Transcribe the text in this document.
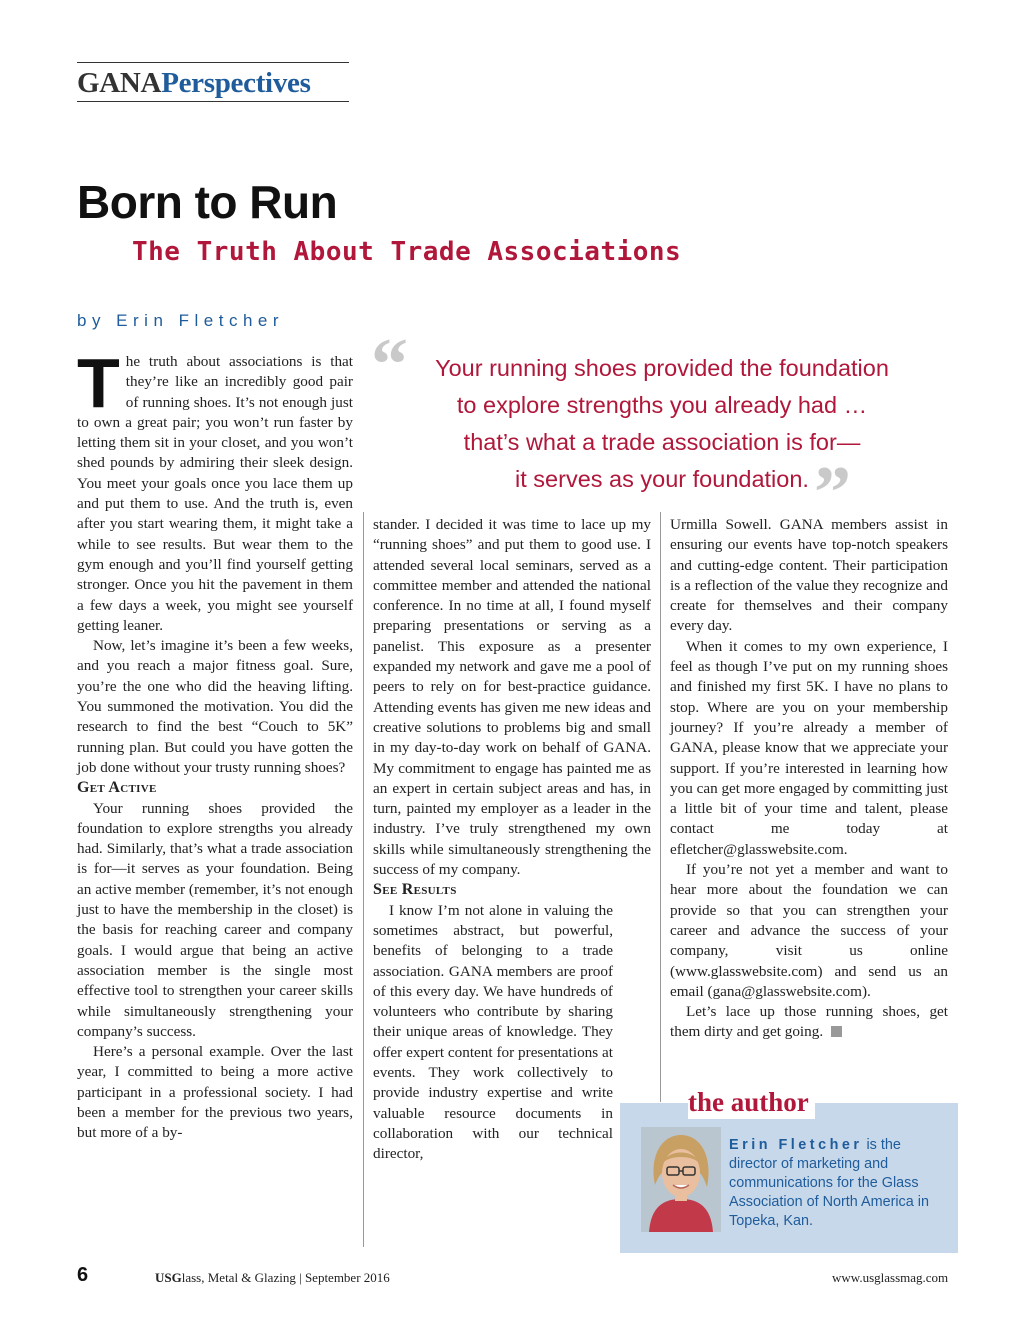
GANAPerspectives
Born to Run
The Truth About Trade Associations
by Erin Fletcher

The truth about associations is that they’re like an incredibly good pair of running shoes. It’s not enough just to own a great pair; you won’t run faster by letting them sit in your closet, and you won’t shed pounds by admiring their sleek design. You meet your goals once you lace them up and put them to use. And the truth is, even after you start wearing them, it might take a while to see results. But wear them to the gym enough and you’ll find yourself getting stronger. Once you hit the pavement in them a few days a week, you might see yourself getting leaner.

Now, let’s imagine it’s been a few weeks, and you reach a major fitness goal. Sure, you’re the one who did the heaving lifting. You summoned the motivation. You did the research to find the best “Couch to 5K” running plan. But could you have gotten the job done without your trusty running shoes?

Get Active

Your running shoes provided the foundation to explore strengths you already had. Similarly, that’s what a trade association is for—it serves as your foundation. Being an active member (remember, it’s not enough just to have the membership in the closet) is the basis for reaching career and company goals. I would argue that being an active association member is the single most effective tool to strengthen your career skills while simultaneously strengthening your company’s success.

Here’s a personal example. Over the last year, I committed to being a more active participant in a professional society. I had been a member for the previous two years, but more of a by-

“	Your running shoes provided the foundation
to explore strengths you already had …
that’s what a trade association is for—
it serves as your foundation. ”

stander. I decided it was time to lace up my “running shoes” and put them to good use. I attended several local seminars, served as a committee member and attended the national conference. In no time at all, I found myself preparing presentations or serving as a panelist. This exposure as a presenter expanded my network and gave me a pool of peers to rely on for best-practice guidance. Attending events has given me new ideas and creative solutions to problems big and small in my day-to-day work on behalf of GANA. My commitment to engage has painted me as an expert in certain subject areas and has, in turn, painted my employer as a leader in the industry. I’ve truly strengthened my own skills while simultaneously strengthening the success of my company.

See Results

I know I’m not alone in valuing the sometimes abstract, but powerful, benefits of belonging to a trade association. GANA members are proof of this every day. We have hundreds of volunteers who contribute by sharing their unique areas of knowledge. They offer expert content for presentations at events. They work collectively to provide industry expertise and write valuable resource documents in collaboration with our technical director,

Urmilla Sowell. GANA members assist in ensuring our events have top-notch speakers and cutting-edge content. Their participation is a reflection of the value they recognize and create for themselves and their company every day.

When it comes to my own experience, I feel as though I’ve put on my running shoes and finished my first 5K. I have no plans to stop. Where are you on your membership journey? If you’re already a member of GANA, please know that we appreciate your support. If you’re interested in learning how you can get more engaged by committing just a little bit of your time and talent, please contact me today at efletcher@glasswebsite.com.

If you’re not yet a member and want to hear more about the foundation we can provide so that you can strengthen your career and advance the success of your company, visit us online (www.glasswebsite.com) and send us an email (gana@glasswebsite.com).

Let’s lace up those running shoes, get them dirty and get going.

the author
Erin Fletcher is the director of marketing and communications for the Glass Association of North America in Topeka, Kan.
6	USGlass, Metal & Glazing | September 2016	www.usglassmag.com
